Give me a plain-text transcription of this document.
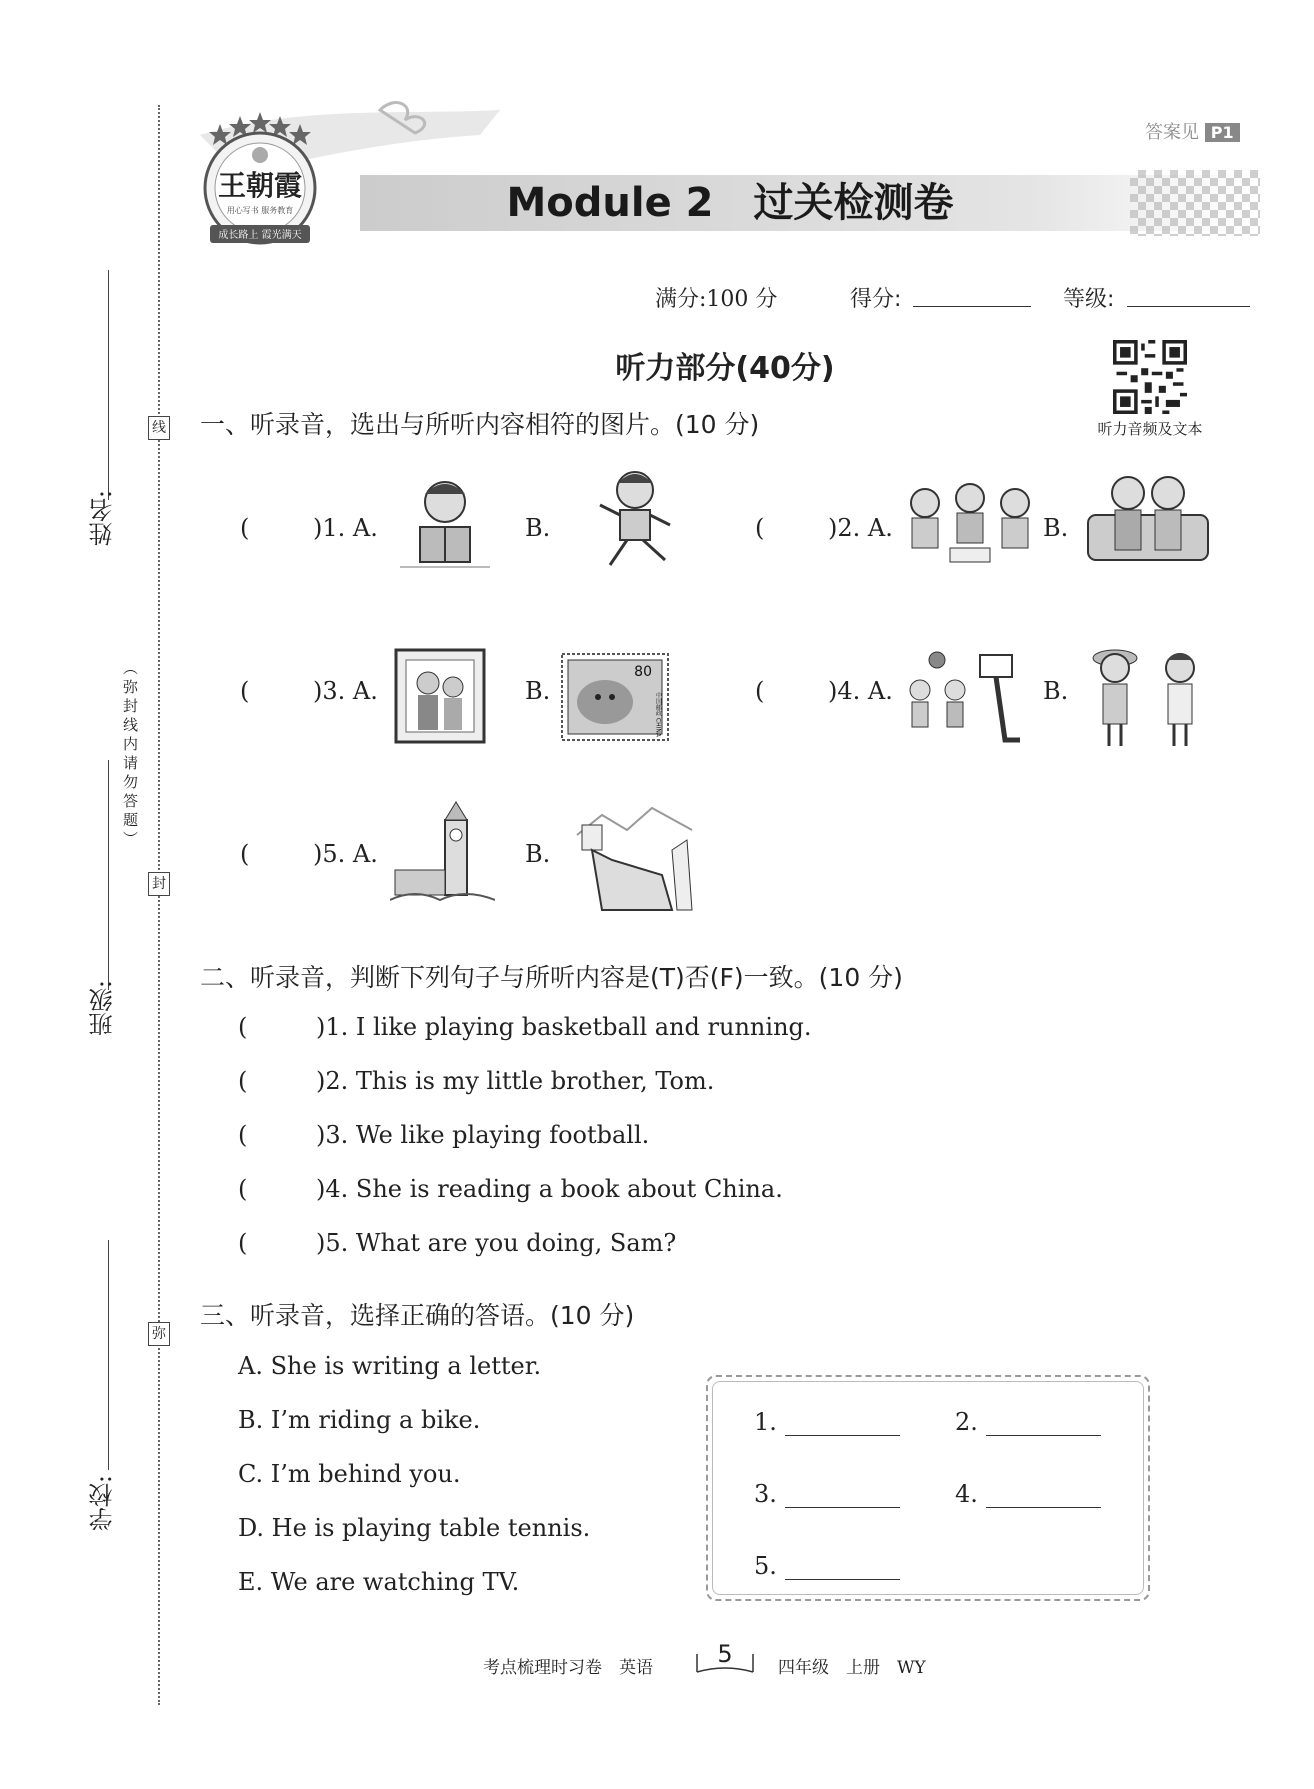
线
封
弥
（弥封线内请勿答题）
姓名:
班级:
学校:
答案见 P1
Module 2　过关检测卷
王朝霞
用心写书 服务教育
成长路上 霞光满天
满分:100 分	得分:	等级:
听力部分(40分)
听力音频及文本
一、听录音，选出与所听内容相符的图片。(10 分)
(	)1. A.	B.	(	)2. A.	B.
(	)3. A.	B.
80
中国邮政 CHINA
(	)4. A.	B.
(	)5. A.	B.
二、听录音，判断下列句子与所听内容是(T)否(F)一致。(10 分)
(	)1. I like playing basketball and running.
(	)2. This is my little brother, Tom.
(	)3. We like playing football.
(	)4. She is reading a book about China.
(	)5. What are you doing, Sam?
三、听录音，选择正确的答语。(10 分)
A. She is writing a letter.
B. I’m riding a bike.
C. I’m behind you.
D. He is playing table tennis.
E. We are watching TV.
1.	2.
3.	4.
5.
考点梳理时习卷　英语	5	四年级　上册　WY
